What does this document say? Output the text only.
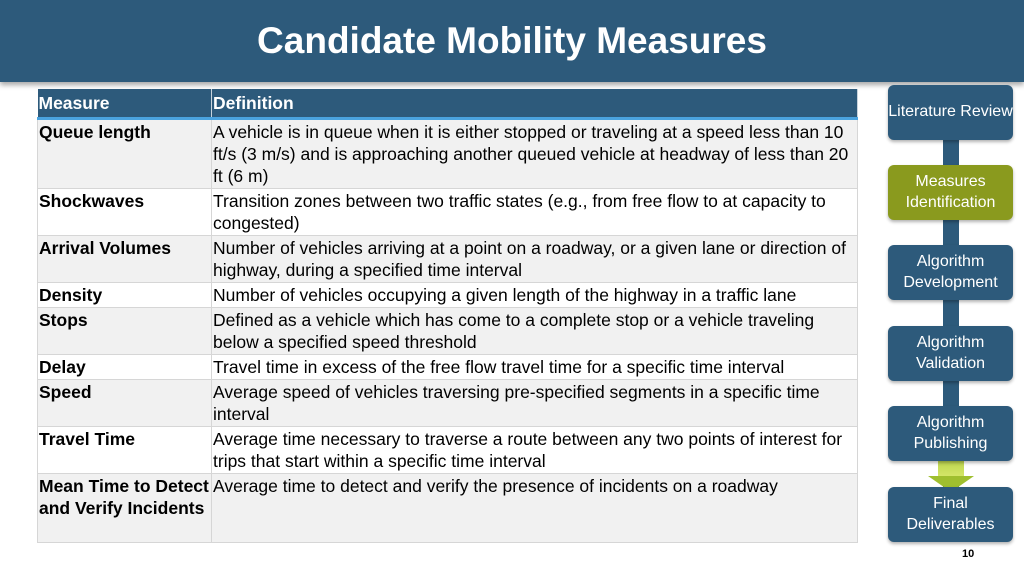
Candidate Mobility Measures
Measure	Definition
Queue length	A vehicle is in queue when it is either stopped or traveling at a speed less than 10 ft/s (3 m/s) and is approaching another queued vehicle at headway of less than 20 ft (6 m)
Shockwaves	Transition zones between two traffic states (e.g., from free flow to at capacity to congested)
Arrival Volumes	Number of vehicles arriving at a point on a roadway, or a given lane or direction of highway, during a specified time interval
Density	Number of vehicles occupying a given length of the highway in a traffic lane
Stops	Defined as a vehicle which has come to a complete stop or a vehicle traveling below a specified speed threshold
Delay	Travel time in excess of the free flow travel time for a specific time interval
Speed	Average speed of vehicles traversing pre-specified segments in a specific time interval
Travel Time	Average time necessary to traverse a route between any two points of interest for trips that start within a specific time interval
Mean Time to Detect and Verify Incidents	Average time to detect and verify the presence of incidents on a roadway
Literature Review
Measures Identification
Algorithm Development
Algorithm Validation
Algorithm Publishing
Final Deliverables
10
